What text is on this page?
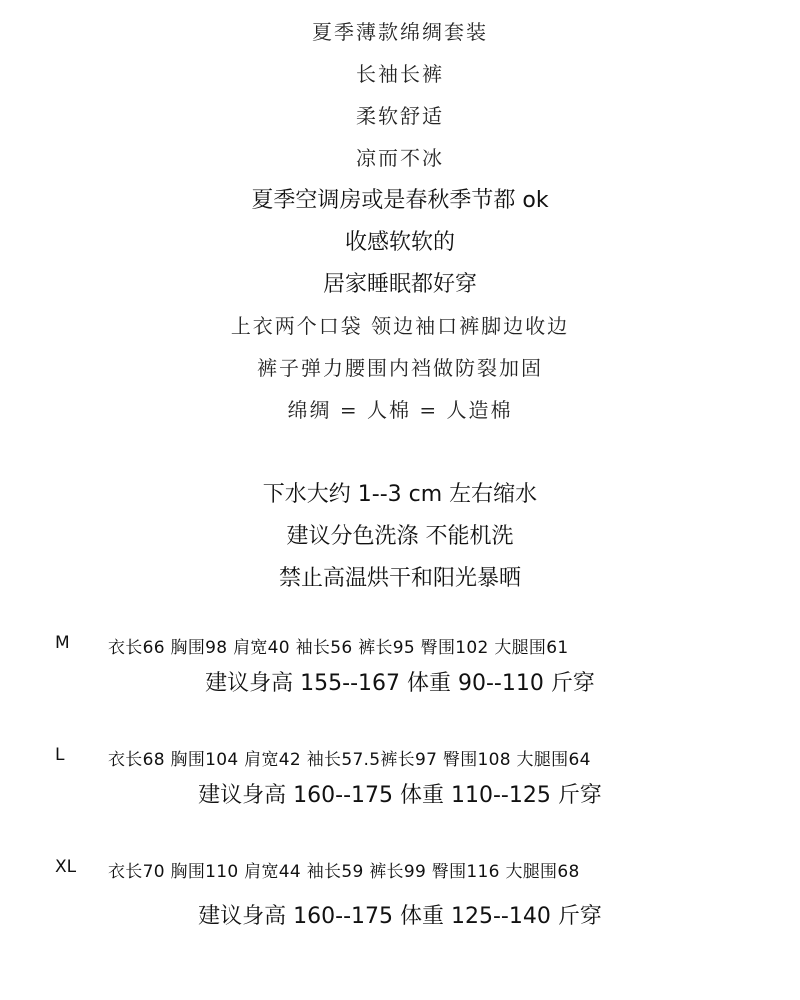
夏季薄款绵绸套装
长袖长裤
柔软舒适
凉而不冰
夏季空调房或是春秋季节都 ok
收感软软的
居家睡眠都好穿
上衣两个口袋 领边袖口裤脚边收边
裤子弹力腰围内裆做防裂加固
绵绸 = 人棉 = 人造棉
下水大约 1--3 cm 左右缩水
建议分色洗涤 不能机洗
禁止高温烘干和阳光暴晒
M 衣长66 胸围98 肩宽40 袖长56 裤长95 臀围102 大腿围61
建议身高 155--167 体重 90--110 斤穿
L	衣长68 胸围104 肩宽42 袖长57.5裤长97 臀围108 大腿围64
建议身高 160--175 体重 110--125 斤穿
XL 衣长70 胸围110 肩宽44 袖长59 裤长99 臀围116 大腿围68
建议身高 160--175 体重 125--140 斤穿
